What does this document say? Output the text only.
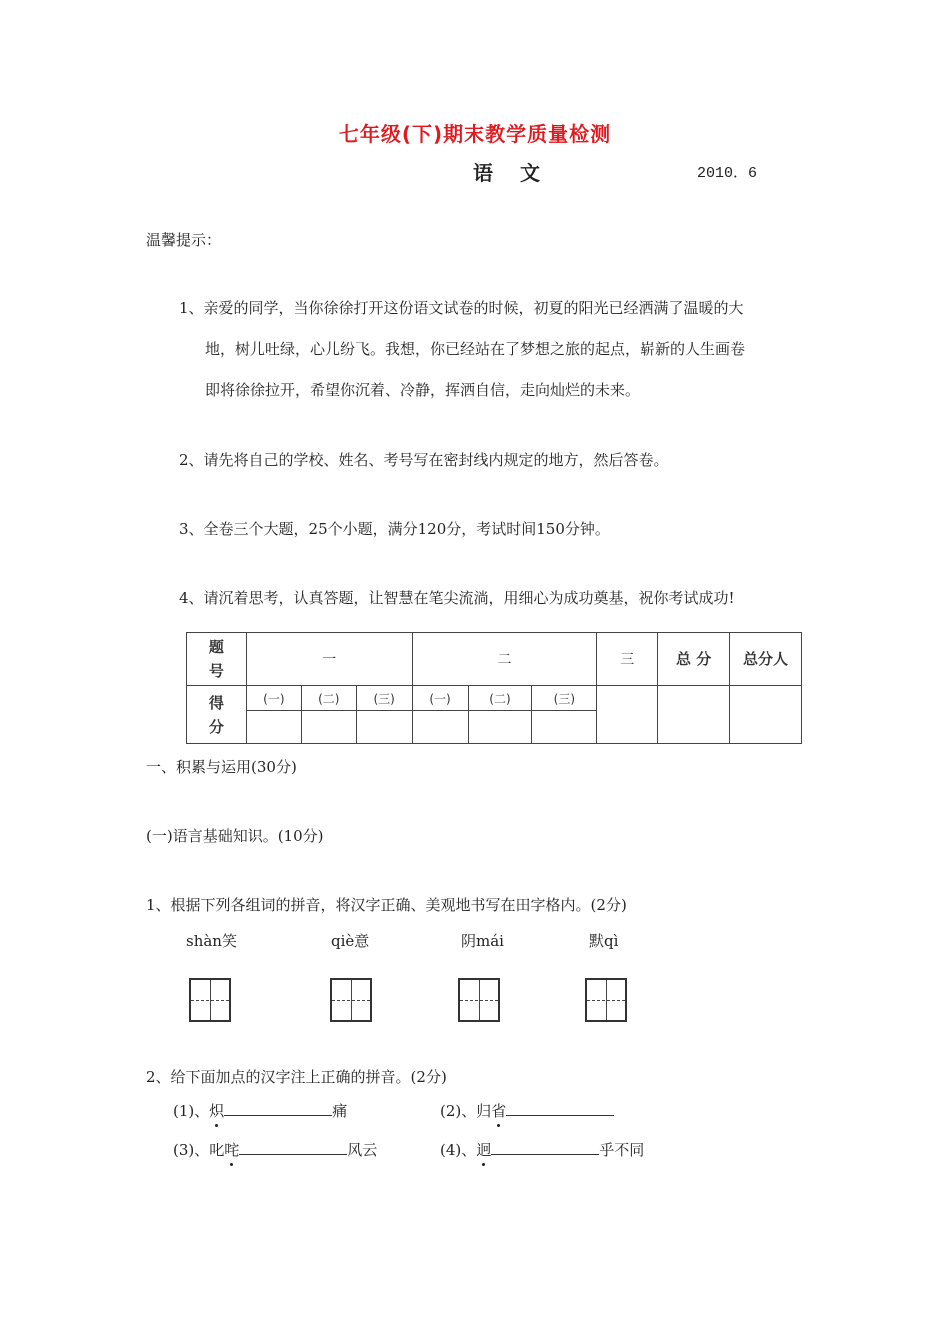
七年级(下)期末教学质量检测
语 文	2010．6
温馨提示：
1、亲爱的同学，当你徐徐打开这份语文试卷的时候，初夏的阳光已经洒满了温暖的大
地，树儿吐绿，心儿纷飞。我想，你已经站在了梦想之旅的起点，崭新的人生画卷
即将徐徐拉开，希望你沉着、冷静，挥洒自信，走向灿烂的未来。
2、请先将自己的学校、姓名、考号写在密封线内规定的地方，然后答卷。
3、全卷三个大题，25个小题，满分120分，考试时间150分钟。
4、请沉着思考，认真答题，让智慧在笔尖流淌，用细心为成功奠基，祝你考试成功!
题号	一			二			三	总 分	总分人
得分	(一)	(二)	(三)	(一)	(二)	(三)			

一、积累与运用(30分)
(一)语言基础知识。(10分)
1、根据下列各组词的拼音，将汉字正确、美观地书写在田字格内。(2分)
shàn笑	qiè意	阴mái	默qì
2、给下面加点的汉字注上正确的拼音。(2分)
(1)、炽	痛	(2)、归省
(3)、叱咤	风云	(4)、迥	乎不同
